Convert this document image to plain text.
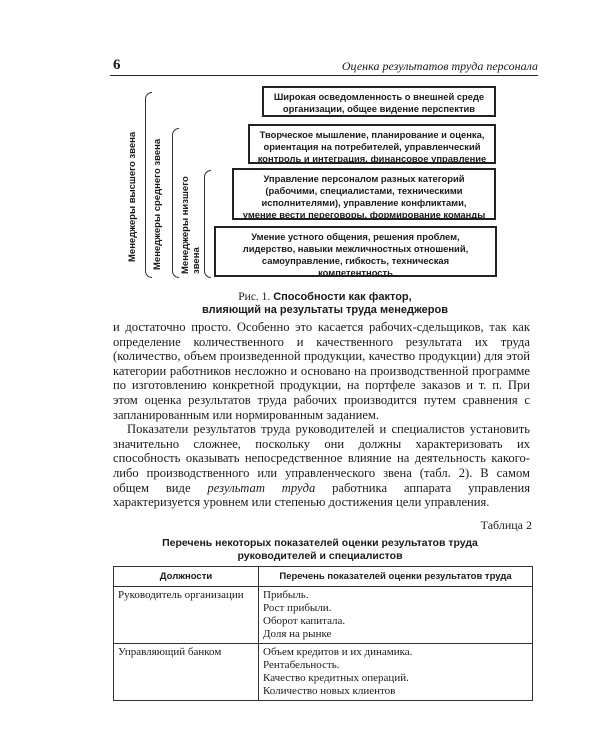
6	Оценка результатов труда персонала
Менеджеры высшего звена Менеджеры среднего звена Менеджеры низшего
звена
Широкая осведомленность о внешней среде
организации, общее видение перспектив
Творческое мышление, планирование и оценка,
ориентация на потребителей, управленческий
контроль и интеграция, финансовое управление
Управление персоналом разных категорий
(рабочими, специалистами, техническими
исполнителями), управление конфликтами,
умение вести переговоры, формирование команды
Умение устного общения, решения проблем,
лидерство, навыки межличностных отношений,
самоуправление, гибкость, техническая
компетентность
Рис. 1. Способности как фактор,
влияющий на результаты труда менеджеров

и достаточно просто. Особенно это касается рабочих-сдельщиков, так как определение количественного и качественного результата их труда (количество, объем произведенной продукции, качество продукции) для этой категории работников несложно и основано на производственной программе по изготовлению конкретной продукции, на портфеле заказов и т. п. При этом оценка результатов труда рабочих производится путем сравнения с запланированным или нормированным заданием.

Показатели результатов труда руководителей и специалистов установить значительно сложнее, поскольку они должны характеризовать их способность оказывать непосредственное влияние на деятельность какого-либо производственного или управленческого звена (табл. 2). В самом общем виде результат труда работника аппарата управления характеризуется уровнем или степенью достижения цели управления.

Таблица 2
Перечень некоторых показателей оценки результатов труда
руководителей и специалистов
Должности	Перечень показателей оценки результатов труда
Руководитель организации	Прибыль.
Рост прибыли.
Оборот капитала.
Доля на рынке

Управляющий банком	Объем кредитов и их динамика.
Рентабельность.
Качество кредитных операций.
Количество новых клиентов
